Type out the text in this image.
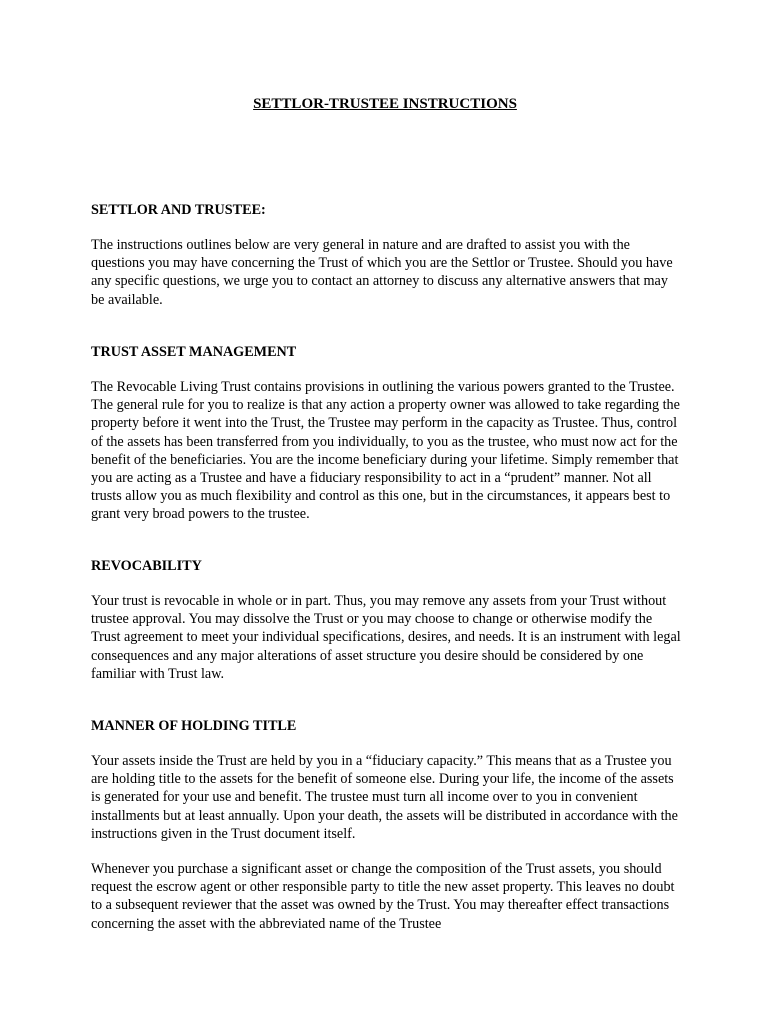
SETTLOR-TRUSTEE INSTRUCTIONS
SETTLOR AND TRUSTEE:

The instructions outlines below are very general in nature and are drafted to assist you with the questions you may have concerning the Trust of which you are the Settlor or Trustee. Should you have any specific questions, we urge you to contact an attorney to discuss any alternative answers that may be available.

TRUST ASSET MANAGEMENT

The Revocable Living Trust contains provisions in outlining the various powers granted to the Trustee. The general rule for you to realize is that any action a property owner was allowed to take regarding the property before it went into the Trust, the Trustee may perform in the capacity as Trustee. Thus, control of the assets has been transferred from you individually, to you as the trustee, who must now act for the benefit of the beneficiaries. You are the income beneficiary during your lifetime. Simply remember that you are acting as a Trustee and have a fiduciary responsibility to act in a “prudent” manner. Not all trusts allow you as much flexibility and control as this one, but in the circumstances, it appears best to grant very broad powers to the trustee.

REVOCABILITY

Your trust is revocable in whole or in part. Thus, you may remove any assets from your Trust without trustee approval. You may dissolve the Trust or you may choose to change or otherwise modify the Trust agreement to meet your individual specifications, desires, and needs. It is an instrument with legal consequences and any major alterations of asset structure you desire should be considered by one familiar with Trust law.

MANNER OF HOLDING TITLE

Your assets inside the Trust are held by you in a “fiduciary capacity.” This means that as a Trustee you are holding title to the assets for the benefit of someone else. During your life, the income of the assets is generated for your use and benefit. The trustee must turn all income over to you in convenient installments but at least annually. Upon your death, the assets will be distributed in accordance with the instructions given in the Trust document itself.

Whenever you purchase a significant asset or change the composition of the Trust assets, you should request the escrow agent or other responsible party to title the new asset property. This leaves no doubt to a subsequent reviewer that the asset was owned by the Trust. You may thereafter effect transactions concerning the asset with the abbreviated name of the Trustee
